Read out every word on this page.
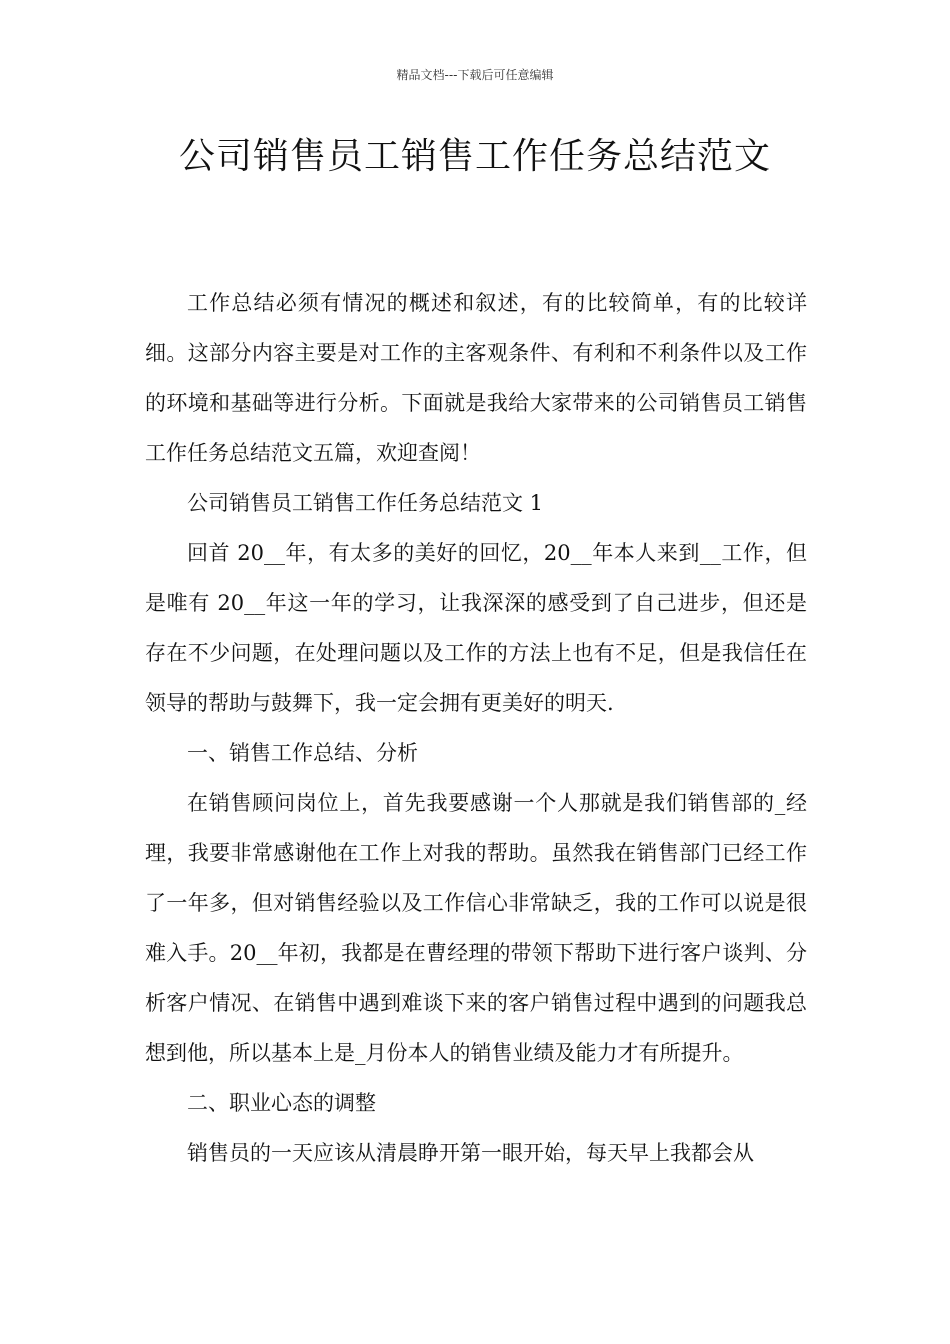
精品文档---下载后可任意编辑
公司销售员工销售工作任务总结范文

工作总结必须有情况的概述和叙述，有的比较简单，有的比较详细。这部分内容主要是对工作的主客观条件、有利和不利条件以及工作的环境和基础等进行分析。下面就是我给大家带来的公司销售员工销售工作任务总结范文五篇，欢迎查阅！

公司销售员工销售工作任务总结范文 1

回首 20__年，有太多的美好的回忆，20__年本人来到__工作，但是唯有 20__年这一年的学习，让我深深的感受到了自己进步，但还是存在不少问题，在处理问题以及工作的方法上也有不足，但是我信任在领导的帮助与鼓舞下，我一定会拥有更美好的明天.

一、销售工作总结、分析

在销售顾问岗位上，首先我要感谢一个人那就是我们销售部的_经理，我要非常感谢他在工作上对我的帮助。虽然我在销售部门已经工作了一年多，但对销售经验以及工作信心非常缺乏，我的工作可以说是很难入手。20__年初，我都是在曹经理的带领下帮助下进行客户谈判、分析客户情况、在销售中遇到难谈下来的客户销售过程中遇到的问题我总想到他，所以基本上是_月份本人的销售业绩及能力才有所提升。

二、职业心态的调整

销售员的一天应该从清晨睁开第一眼开始，每天早上我都会从
